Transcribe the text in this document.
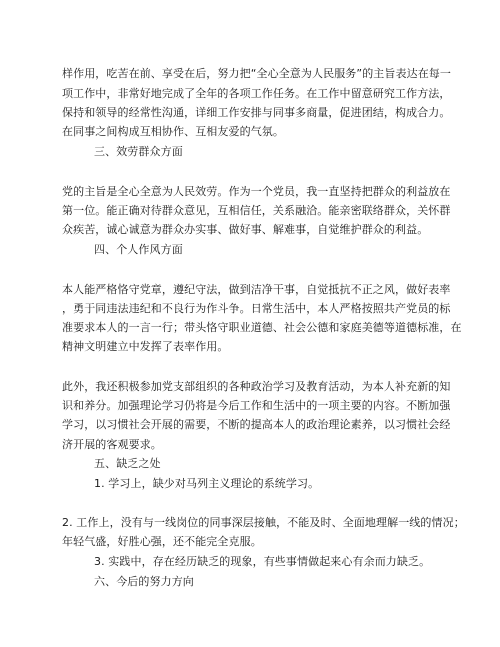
样作用，吃苦在前、享受在后，努力把“全心全意为人民服务”的主旨表达在每一
项工作中，非常好地完成了全年的各项工作任务。在工作中留意研究工作方法，
保持和领导的经常性沟通，详细工作安排与同事多商量，促进团结，构成合力。
在同事之间构成互相协作、互相友爱的气氛。
三、效劳群众方面
党的主旨是全心全意为人民效劳。作为一个党员，我一直坚持把群众的利益放在
第一位。能正确对待群众意见，互相信任，关系融洽。能亲密联络群众，关怀群
众疾苦，诚心诚意为群众办实事、做好事、解难事，自觉维护群众的利益。
四、个人作风方面
本人能严格恪守党章，遵纪守法，做到洁净干事，自觉抵抗不正之风，做好表率
，勇于同违法违纪和不良行为作斗争。日常生活中，本人严格按照共产党员的标
准要求本人的一言一行；带头恪守职业道德、社会公德和家庭美德等道德标准，在
精神文明建立中发挥了表率作用。
此外，我还积极参加党支部组织的各种政治学习及教育活动，为本人补充新的知
识和养分。加强理论学习仍将是今后工作和生活中的一项主要的内容。不断加强
学习，以习惯社会开展的需要，不断的提高本人的政治理论素养，以习惯社会经
济开展的客观要求。
五、缺乏之处
1. 学习上，缺少对马列主义理论的系统学习。
2. 工作上，没有与一线岗位的同事深层接触，不能及时、全面地理解一线的情况；
年轻气盛，好胜心强，还不能完全克服。
3. 实践中，存在经历缺乏的现象，有些事情做起来心有余而力缺乏。
六、今后的努力方向
